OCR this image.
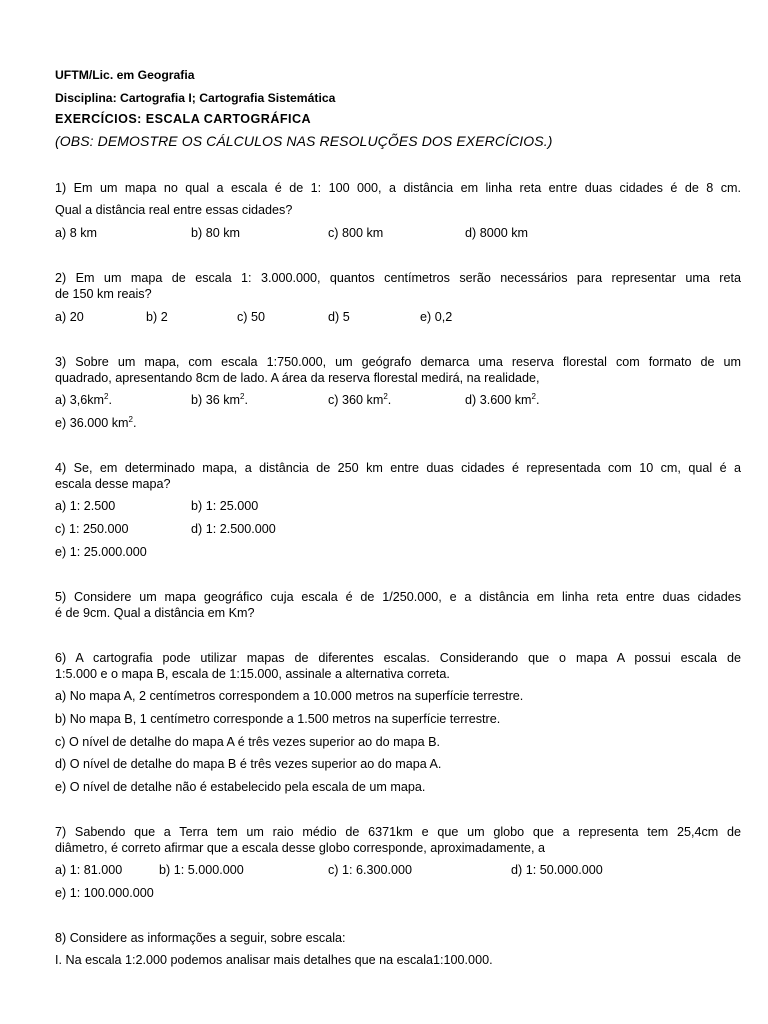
UFTM/Lic. em Geografia
Disciplina: Cartografia I; Cartografia Sistemática
EXERCÍCIOS: ESCALA CARTOGRÁFICA
(OBS: DEMOSTRE OS CÁLCULOS NAS RESOLUÇÕES DOS EXERCÍCIOS.)
1) Em um mapa no qual a escala é de 1: 100 000, a distância em linha reta entre duas cidades é de 8 cm.
Qual a distância real entre essas cidades?
a) 8 km	b) 80 km	c) 800 km	d) 8000 km
2) Em um mapa de escala 1: 3.000.000, quantos centímetros serão necessários para representar uma reta
de 150 km reais?
a) 20	b) 2	c) 50	d) 5	e) 0,2
3) Sobre um mapa, com escala 1:750.000, um geógrafo demarca uma reserva florestal com formato de um
quadrado, apresentando 8cm de lado. A área da reserva florestal medirá, na realidade,
a) $3,6km^2$.	b) 36 $km^2$.	c) 360 $km^2$.	d) 3.600 $km^2$.
e) 36.000 $km^2$.
4) Se, em determinado mapa, a distância de 250 km entre duas cidades é representada com 10 cm, qual é a
escala desse mapa?
a) 1: 2.500	b) 1: 25.000
c) 1: 250.000	d) 1: 2.500.000
e) 1: 25.000.000
5) Considere um mapa geográfico cuja escala é de 1/250.000, e a distância em linha reta entre duas cidades
é de 9cm. Qual a distância em Km?
6) A cartografia pode utilizar mapas de diferentes escalas. Considerando que o mapa A possui escala de
1:5.000 e o mapa B, escala de 1:15.000, assinale a alternativa correta.
a) No mapa A, 2 centímetros correspondem a 10.000 metros na superfície terrestre.
b) No mapa B, 1 centímetro corresponde a 1.500 metros na superfície terrestre.
c) O nível de detalhe do mapa A é três vezes superior ao do mapa B.
d) O nível de detalhe do mapa B é três vezes superior ao do mapa A.
e) O nível de detalhe não é estabelecido pela escala de um mapa.
7) Sabendo que a Terra tem um raio médio de 6371km e que um globo que a representa tem 25,4cm de
diâmetro, é correto afirmar que a escala desse globo corresponde, aproximadamente, a
a) 1: 81.000	b) 1: 5.000.000	c) 1: 6.300.000	d) 1: 50.000.000
e) 1: 100.000.000
8) Considere as informações a seguir, sobre escala:
I. Na escala 1:2.000 podemos analisar mais detalhes que na escala1:100.000.
